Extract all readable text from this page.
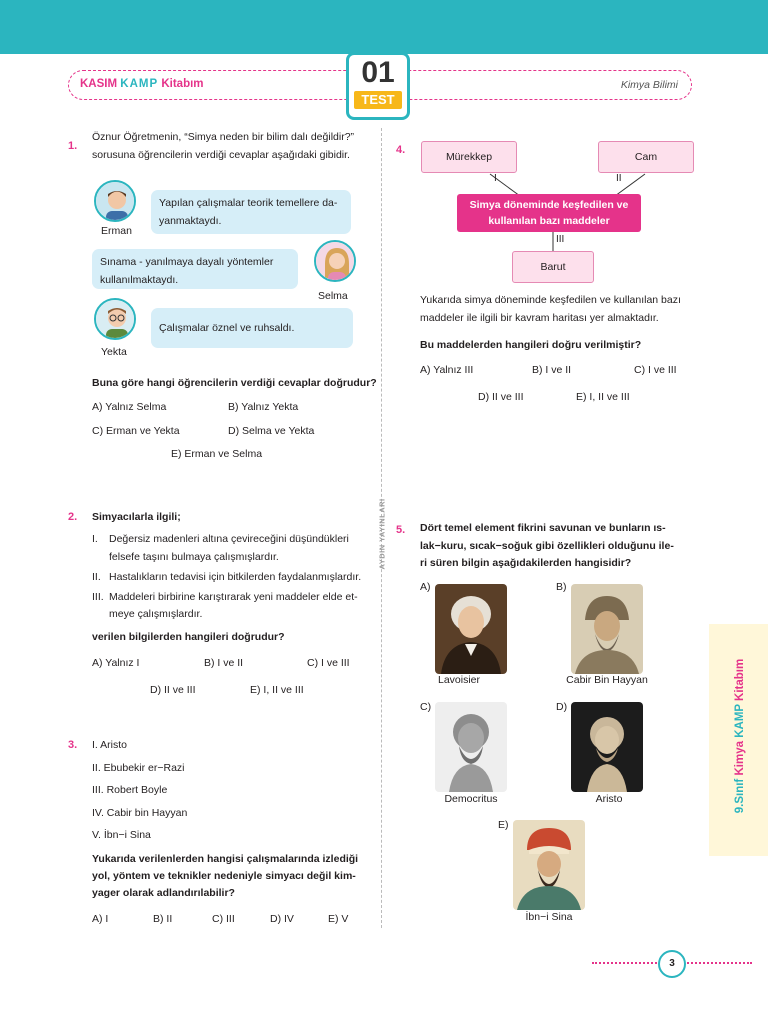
KASIM KAMP Kitabım	Kimya Bilimi
01
TEST
AYDIN YAYINLARI
9.Sınıf Kimya KAMP Kitabım
1.
Öznur Öğretmenin, “Simya neden bir bilim dalı değildir?”
sorusuna öğrencilerin verdiği cevaplar aşağıdaki gibidir.
Erman
Yapılan çalışmalar teorik temellere da-
yanmaktaydı.
Selma
Sınama - yanılmaya dayalı yöntemler
kullanılmaktaydı.
Yekta
Çalışmalar öznel ve ruhsaldı.
Buna göre hangi öğrencilerin verdiği cevaplar doğrudur?
A) Yalnız Selma	B) Yalnız Yekta
C) Erman ve Yekta	D) Selma ve Yekta
E) Erman ve Selma
2. Simyacılarla ilgili;
I. Değersiz madenleri altına çevireceğini düşündükleri
felsefe taşını bulmaya çalışmışlardır.
II. Hastalıkların tedavisi için bitkilerden faydalanmışlardır.
III. Maddeleri birbirine karıştırarak yeni maddeler elde et-
meye çalışmışlardır.
verilen bilgilerden hangileri doğrudur?
A) Yalnız I	B) I ve II	C) I ve III
D) II ve III	E) I, II ve III
3. I. Aristo
II. Ebubekir er−Razi
III. Robert Boyle
IV. Cabir bin Hayyan
V. İbn−i Sina
Yukarıda verilenlerden hangisi çalışmalarında izlediği
yol, yöntem ve teknikler nedeniyle simyacı değil kim-
yager olarak adlandırılabilir?
A) I	B) II	C) III	D) IV	E) V
4.
Mürekkep	Cam
Barut
Simya döneminde keşfedilen ve kullanılan bazı maddeler
I	II
III
Yukarıda simya döneminde keşfedilen ve kullanılan bazı
maddeler ile ilgili bir kavram haritası yer almaktadır.
Bu maddelerden hangileri doğru verilmiştir?
A) Yalnız III	B) I ve II	C) I ve III
D) II ve III	E) I, II ve III
5. Dört temel element fikrini savunan ve bunların ıs-
lak−kuru, sıcak−soğuk gibi özellikleri olduğunu ile-
ri süren bilgin aşağıdakilerden hangisidir?
A)
Lavoisier
B)
Cabir Bin Hayyan
C)
Democritus
D)
Aristo
E)
İbn−i Sina
3
